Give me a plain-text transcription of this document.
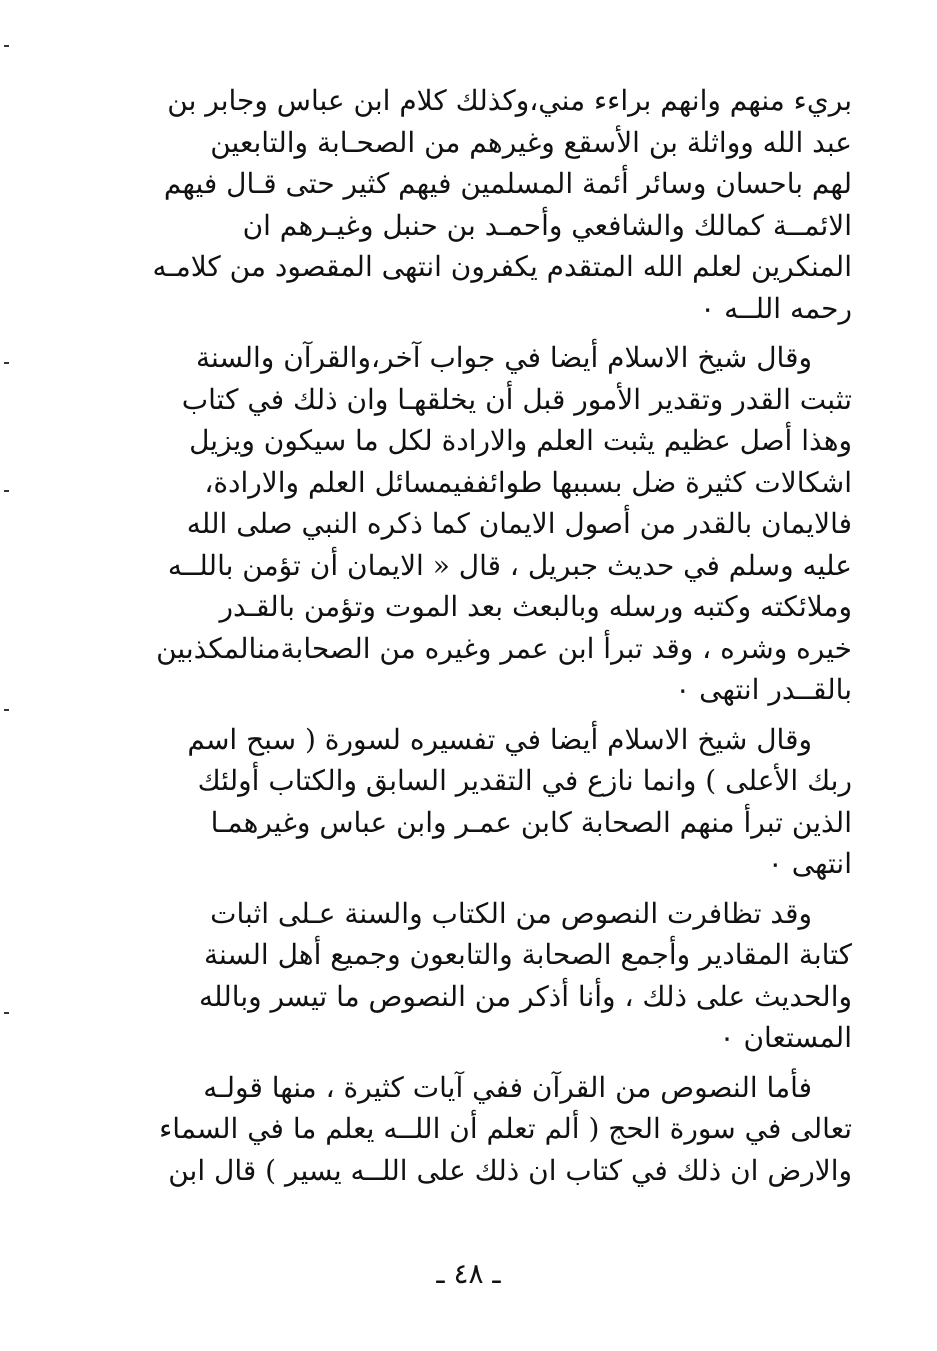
بريء منهم وانهم براءء مني،وكذلك كلام ابن عباس وجابر بن
عبد الله وواثلة بن الأسقع وغيرهم من الصحـابة والتابعين
لهم باحسان وسائر أئمة المسلمين فيهم كثير حتى قـال فيهم
الائمــة كمالك والشافعي وأحمـد بن حنبل وغيـرهم ان
المنكرين لعلم الله المتقدم يكفرون انتهى المقصود من كلامـه
رحمه اللــه ٠
وقال شيخ الاسلام أيضا في جواب آخر،والقرآن والسنة
تثبت القدر وتقدير الأمور قبل أن يخلقهـا وان ذلك في كتاب
وهذا أصل عظيم يثبت العلم والارادة لكل ما سيكون ويزيل
اشكالات كثيرة ضل بسببها طوائففيمسائل العلم والارادة،
فالايمان بالقدر من أصول الايمان كما ذكره النبي صلى الله
عليه وسلم في حديث جبريل ، قال « الايمان أن تؤمن باللــه
وملائكته وكتبه ورسله وبالبعث بعد الموت وتؤمن بالقـدر
خيره وشره ، وقد تبرأ ابن عمر وغيره من الصحابةمنالمكذبين
بالقــدر انتهى ٠
وقال شيخ الاسلام أيضا في تفسيره لسورة ( سبح اسم
ربك الأعلى ) وانما نازع في التقدير السابق والكتاب أولئك
الذين تبرأ منهم الصحابة كابن عمـر وابن عباس وغيرهمـا
انتهى ٠
وقد تظافرت النصوص من الكتاب والسنة عـلى اثبات
كتابة المقادير وأجمع الصحابة والتابعون وجميع أهل السنة
والحديث على ذلك ، وأنا أذكر من النصوص ما تيسر وبالله
المستعان ٠
فأما النصوص من القرآن ففي آيات كثيرة ، منها قولـه
تعالى في سورة الحج ( ألم تعلم أن اللــه يعلم ما في السماء
والارض ان ذلك في كتاب ان ذلك على اللــه يسير ) قال ابن
ـ ٤٨ ـ
